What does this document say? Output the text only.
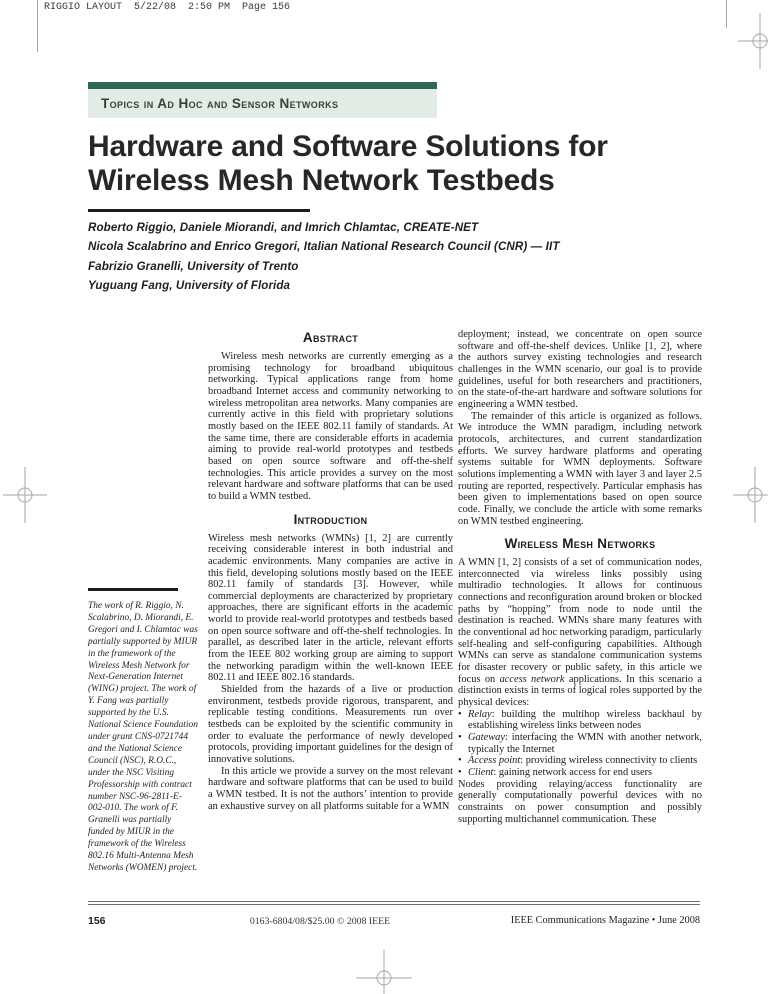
RIGGIO LAYOUT  5/22/08  2:50 PM  Page 156
Topics in Ad Hoc and Sensor Networks
Hardware and Software Solutions for
Wireless Mesh Network Testbeds
Roberto Riggio, Daniele Miorandi, and Imrich Chlamtac, CREATE-NET
Nicola Scalabrino and Enrico Gregori, Italian National Research Council (CNR) — IIT
Fabrizio Granelli, University of Trento
Yuguang Fang, University of Florida
The work of R. Riggio, N. Scalabrino, D. Miorandi, E. Gregori and I. Chlamtac was partially supported by MIUR in the framework of the Wireless Mesh Network for Next-Generation Internet (WING) project. The work of Y. Fang was partially supported by the U.S. National Science Foundation under grant CNS-0721744 and the National Science Council (NSC), R.O.C., under the NSC Visiting Professorship with contract number NSC-96-2811-E-002-010. The work of F. Granelli was partially funded by MIUR in the framework of the Wireless 802.16 Multi-Antenna Mesh Networks (WOMEN) project.
Abstract

Wireless mesh networks are currently emerging as a promising technology for broadband ubiquitous networking. Typical applications range from home broadband Internet access and community networking to wireless metropolitan area networks. Many companies are currently active in this field with proprietary solutions mostly based on the IEEE 802.11 family of standards. At the same time, there are considerable efforts in academia aiming to provide real-world prototypes and testbeds based on open source software and off-the-shelf technologies. This article provides a survey on the most relevant hardware and software platforms that can be used to build a WMN testbed.

Introduction

Wireless mesh networks (WMNs) [1, 2] are currently receiving considerable interest in both industrial and academic environments. Many companies are active in this field, developing solutions mostly based on the IEEE 802.11 family of standards [3]. However, while commercial deployments are characterized by proprietary approaches, there are significant efforts in the academic world to provide real-world prototypes and testbeds based on open source software and off-the-shelf technologies. In parallel, as described later in the article, relevant efforts from the IEEE 802 working group are aiming to support the networking paradigm within the well-known IEEE 802.11 and IEEE 802.16 standards.

Shielded from the hazards of a live or production environment, testbeds provide rigorous, transparent, and replicable testing conditions. Measurements run over testbeds can be exploited by the scientific community in order to evaluate the performance of newly developed protocols, providing important guidelines for the design of innovative solutions.

In this article we provide a survey on the most relevant hardware and software platforms that can be used to build a WMN testbed. It is not the authors’ intention to provide an exhaustive survey on all platforms suitable for a WMN

deployment; instead, we concentrate on open source software and off-the-shelf devices. Unlike [1, 2], where the authors survey existing technologies and research challenges in the WMN scenario, our goal is to provide guidelines, useful for both researchers and practitioners, on the state-of-the-art hardware and software solutions for engineering a WMN testbed.

The remainder of this article is organized as follows. We introduce the WMN paradigm, including network protocols, architectures, and current standardization efforts. We survey hardware platforms and operating systems suitable for WMN deployments. Software solutions implementing a WMN with layer 3 and layer 2.5 routing are reported, respectively. Particular emphasis has been given to implementations based on open source code. Finally, we conclude the article with some remarks on WMN testbed engineering.

Wireless Mesh Networks

A WMN [1, 2] consists of a set of communication nodes, interconnected via wireless links possibly using multiradio technologies. It allows for continuous connections and reconfiguration around broken or blocked paths by “hopping” from node to node until the destination is reached. WMNs share many features with the conventional ad hoc networking paradigm, particularly self-healing and self-configuring capabilities. Although WMNs can serve as standalone communication systems for disaster recovery or public safety, in this article we focus on access network applications. In this scenario a distinction exists in terms of logical roles supported by the physical devices:

• Relay: building the multihop wireless backhaul by establishing wireless links between nodes
• Gateway: interfacing the WMN with another network, typically the Internet
• Access point: providing wireless connectivity to clients
• Client: gaining network access for end users

Nodes providing relaying/access functionality are generally computationally powerful devices with no constraints on power consumption and possibly supporting multichannel communication. These

156	0163-6804/08/$25.00 © 2008 IEEE	IEEE Communications Magazine • June 2008
